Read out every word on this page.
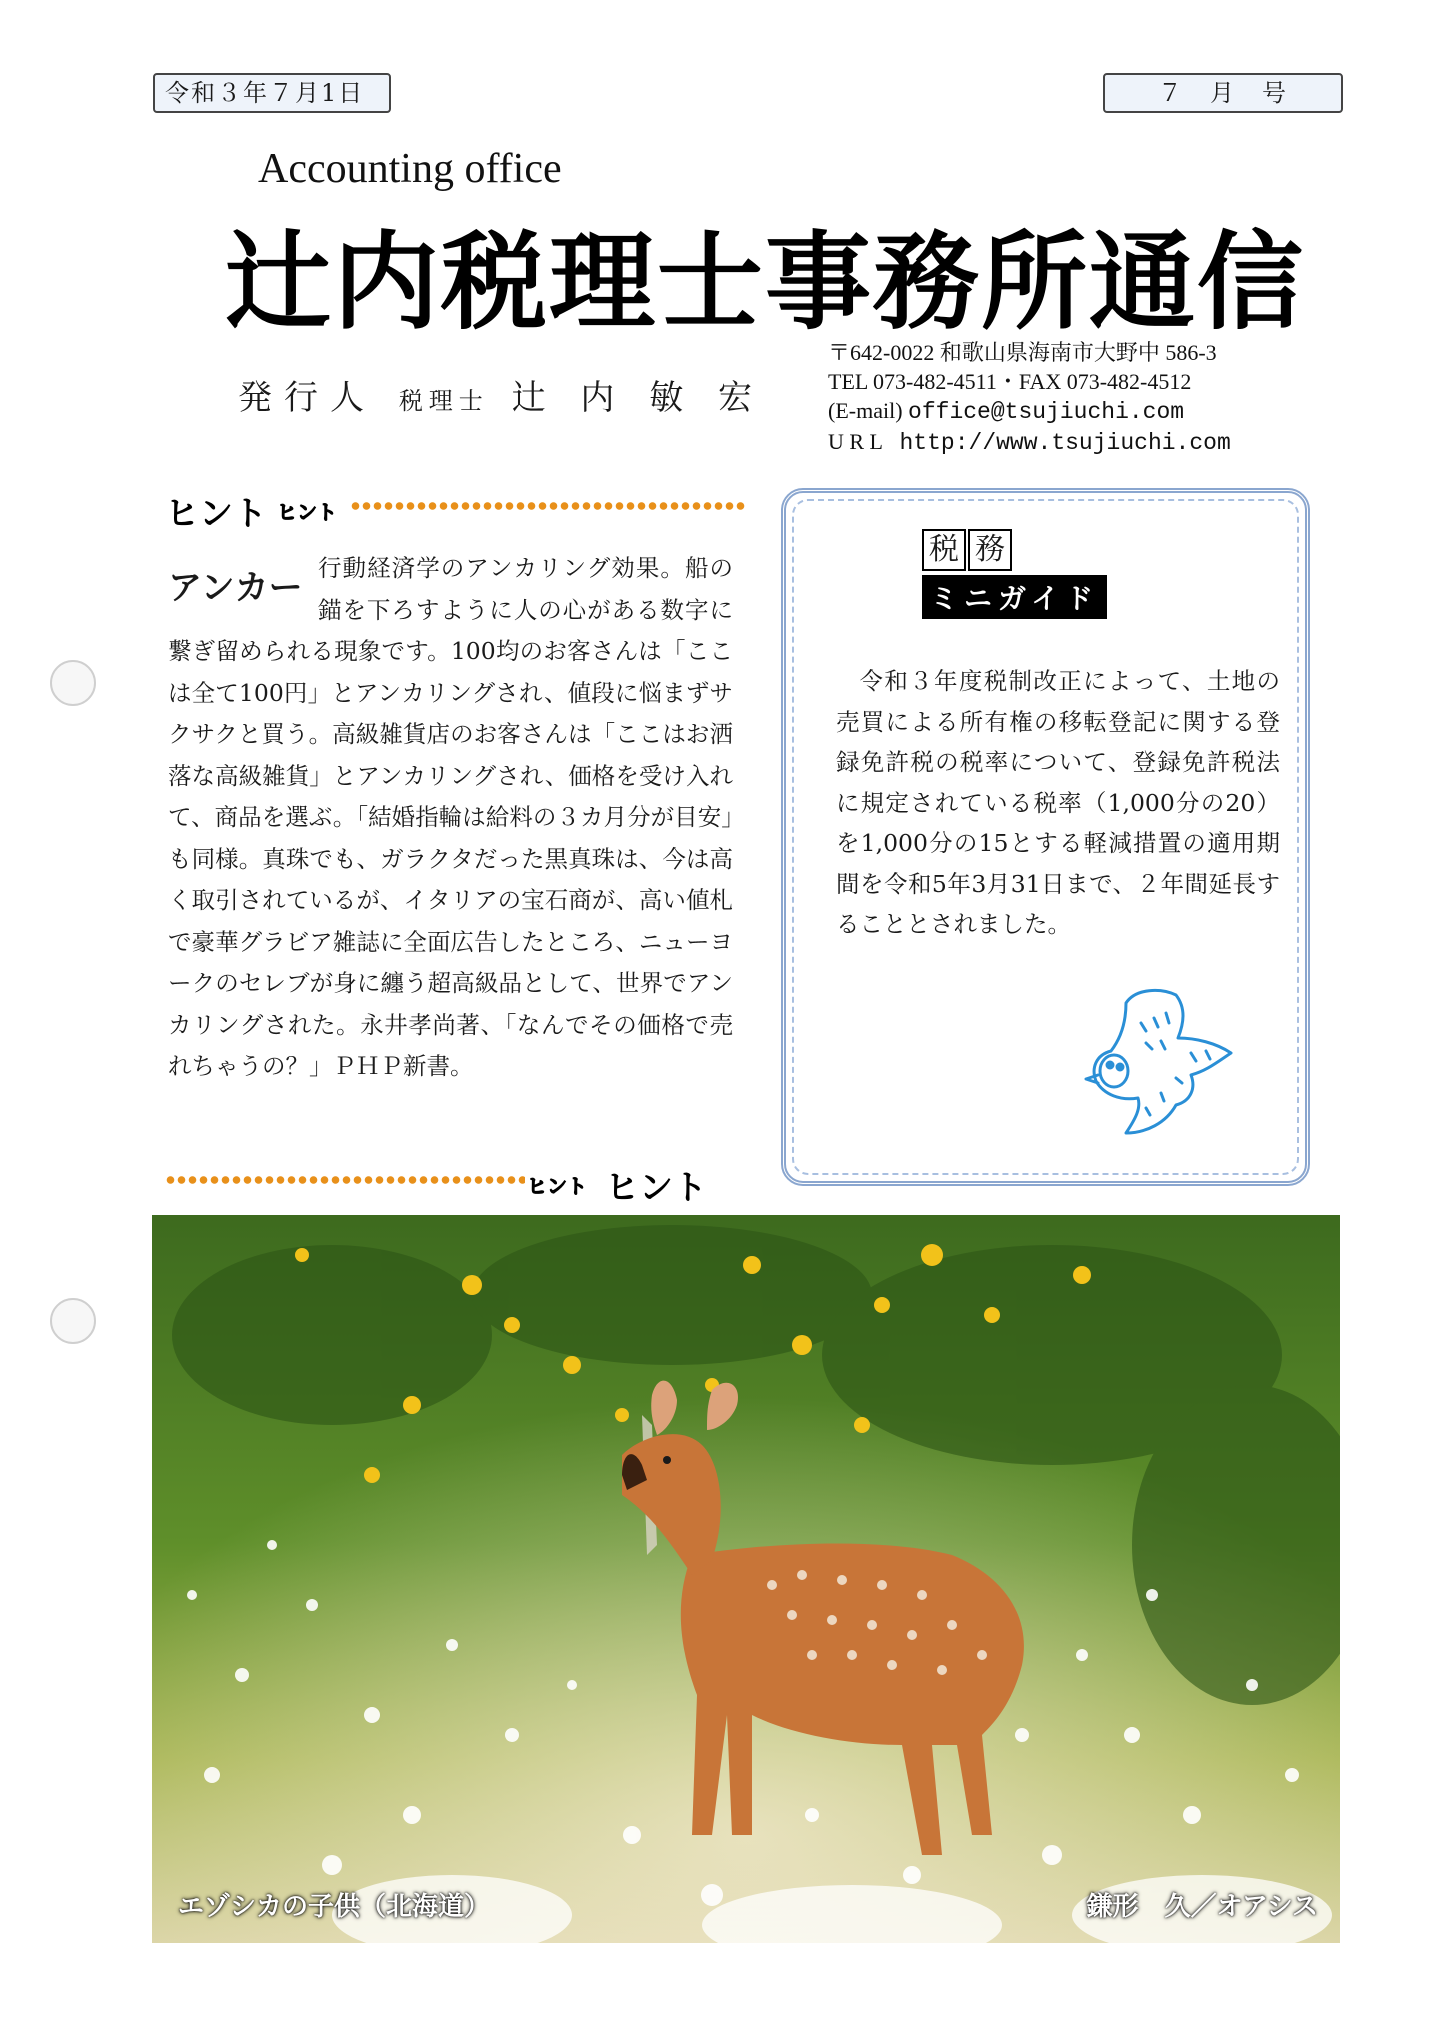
令和３年７月1日	７　月　号
Accounting office
辻内税理士事務所通信
発行人 税理士 辻 内 敏 宏
〒642-0022 和歌山県海南市大野中 586-3
TEL 073-482-4511・FAX 073-482-4512
(E-mail) office@tsujiuchi.com
U R L http://www.tsujiuchi.com
ヒント ヒント
アンカー 行動経済学のアンカリング効果。船の錨を下ろすように人の心がある数字に繋ぎ留められる現象です。100均のお客さんは「ここは全て100円」とアンカリングされ、値段に悩まずサクサクと買う。高級雑貨店のお客さんは「ここはお洒落な高級雑貨」とアンカリングされ、価格を受け入れて、商品を選ぶ。「結婚指輪は給料の３カ月分が目安」も同様。真珠でも、ガラクタだった黒真珠は、今は高く取引されているが、イタリアの宝石商が、高い値札で豪華グラビア雑誌に全面広告したところ、ニューヨークのセレブが身に纏う超高級品として、世界でアンカリングされた。永井孝尚著、「なんでその価格で売れちゃうの？」ＰＨＰ新書。
ヒント ヒント
税 務
ミニガイド
令和３年度税制改正によって、土地の売買による所有権の移転登記に関する登録免許税の税率について、登録免許税法に規定されている税率（1,000分の20）を1,000分の15とする軽減措置の適用期間を令和5年3月31日まで、２年間延長することとされました。
エゾシカの子供（北海道）	鎌形　久／オアシス
